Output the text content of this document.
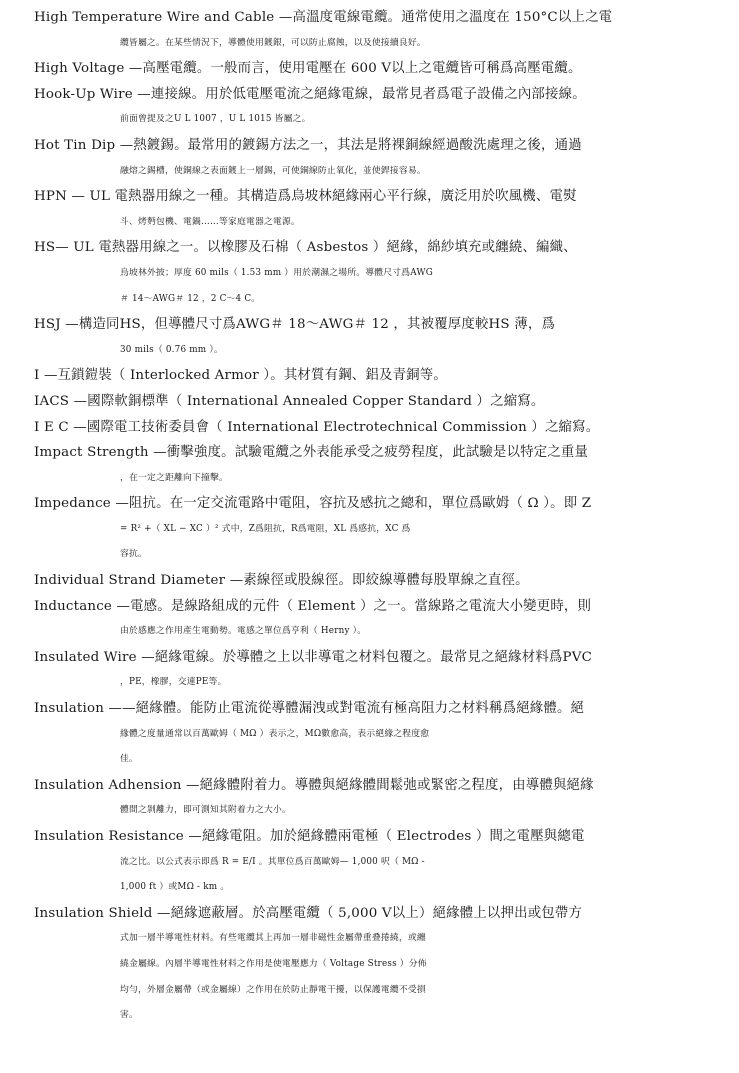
High Temperature Wire and Cable —高溫度電線電纜。通常使用之溫度在 150°C以上之電
纜皆屬之。在某些情況下，導體使用鍍銀，可以防止腐蝕，以及使接續良好。
High Voltage —高壓電纜。一般而言，使用電壓在 600 V以上之電纜皆可稱爲高壓電纜。
Hook-Up Wire —連接線。用於低電壓電流之絕緣電線，最常見者爲電子設備之內部接線。
前面曾提及之U L 1007 ，U L 1015 皆屬之。
Hot Tin Dip —熱鍍錫。最常用的鍍錫方法之一，其法是將裸銅線經過酸洗處理之後，通過
融熔之錫槽，使銅線之表面鍍上一層錫，可使銅線防止氧化，並使銲接容易。
HPN — UL 電熱器用線之一種。其構造爲烏坡林絕緣兩心平行線，廣泛用於吹風機、電熨
斗、烤麪包機、電鍋……等家庭電器之電源。
HS— UL 電熱器用線之一。以橡膠及石棉（ Asbestos ）絕緣，綿紗填充或纏繞、編織、
烏坡林外披；厚度 60 mils（ 1.53 mm ）用於潮濕之場所。導體尺寸爲AWG
＃ 14～AWG＃ 12 ，2 C～4 C。
HSJ —構造同HS，但導體尺寸爲AWG＃ 18～AWG＃ 12 ，其被覆厚度較HS 薄，爲
30 mils（ 0.76 mm ）。
I —互鎖鎧裝（ Interlocked Armor ）。其材質有鋼、鋁及青銅等。
IACS —國際軟銅標準（ International Annealed Copper Standard ）之縮寫。
I E C —國際電工技術委員會（ International Electrotechnical Commission ）之縮寫。
Impact Strength —衝擊強度。試驗電纜之外表能承受之疲勞程度，此試驗是以特定之重量
，在一定之距離向下撞擊。
Impedance —阻抗。在一定交流電路中電阻，容抗及感抗之總和，單位爲歐姆（ Ω ）。即 Z
= R² +（ XL − XC ）² 式中，Z爲阻抗，R爲電阻，XL 爲感抗，XC 爲
容抗。
Individual Strand Diameter —素線徑或股線徑。即絞線導體每股單線之直徑。
Inductance —電感。是線路組成的元件（ Element ）之一。當線路之電流大小變更時，則
由於感應之作用產生電動勢。電感之單位爲亨利（ Herny ）。
Insulated Wire —絕緣電線。於導體之上以非導電之材料包覆之。最常見之絕緣材料爲PVC
，PE，橡膠，交連PE等。
Insulation ——絕緣體。能防止電流從導體漏洩或對電流有極高阻力之材料稱爲絕緣體。絕
緣體之度量通常以百萬歐姆（ MΩ ）表示之，MΩ數愈高，表示絕緣之程度愈
佳。
Insulation Adhension —絕緣體附着力。導體與絕緣體間鬆弛或緊密之程度，由導體與絕緣
體間之剝離力，即可測知其附着力之大小。
Insulation Resistance —絕緣電阻。加於絕緣體兩電極（ Electrodes ）間之電壓與總電
流之比。以公式表示即爲 R = E/I 。其單位爲百萬歐姆— 1,000 呎（ MΩ -
1,000 ft ）或MΩ - km 。
Insulation Shield —絕緣遮蔽層。於高壓電纜（ 5,000 V以上）絕緣體上以押出或包帶方
式加一層半導電性材料。有些電纜其上再加一層非磁性金屬帶重叠捲繞，或纏
繞金屬線。內層半導電性材料之作用是使電壓應力（ Voltage Stress ）分佈
均勻，外層金屬帶（或金屬線）之作用在於防止靜電干擾，以保護電纜不受損
害。
